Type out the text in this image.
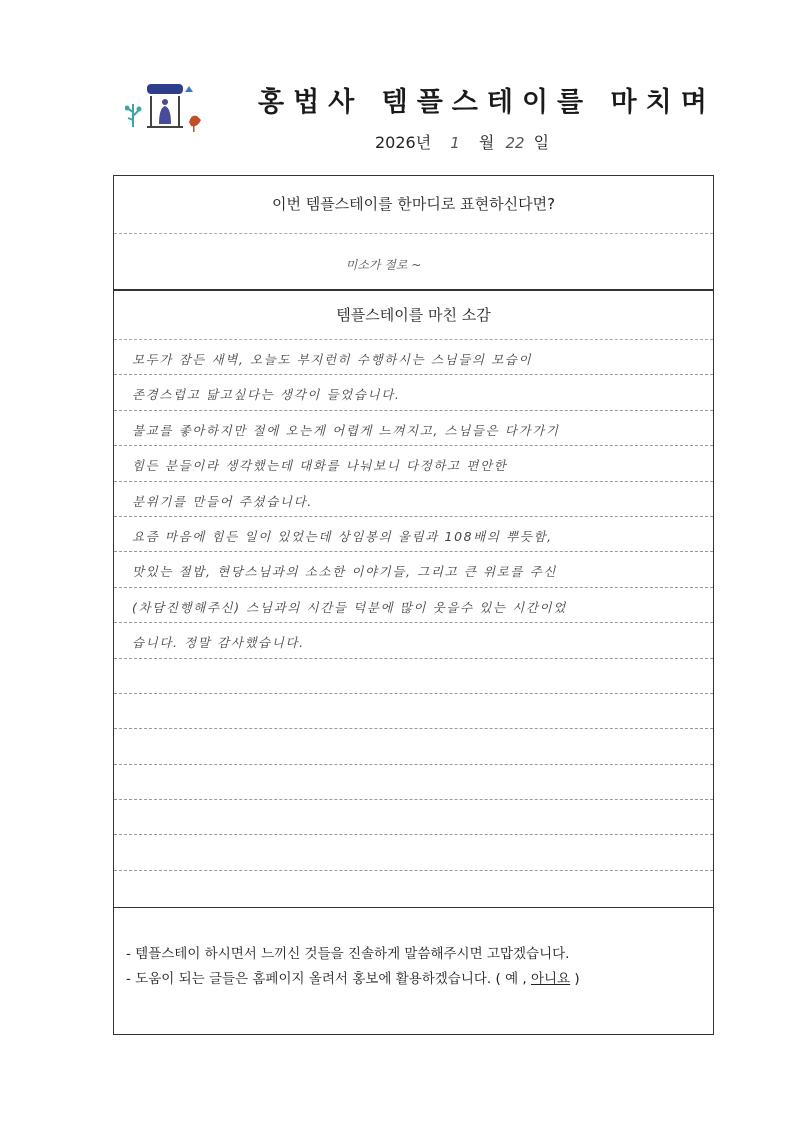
홍법사 템플스테이를 마치며
2026년 1 월 22 일
이번 템플스테이를 한마디로 표현하신다면?
미소가 절로 ~
템플스테이를 마친 소감
모두가 잠든 새벽, 오늘도 부지런히 수행하시는 스님들의 모습이
존경스럽고 닮고싶다는 생각이 들었습니다.
불교를 좋아하지만 절에 오는게 어렵게 느껴지고, 스님들은 다가가기
힘든 분들이라 생각했는데 대화를 나눠보니 다정하고 편안한
분위기를 만들어 주셨습니다.
요즘 마음에 힘든 일이 있었는데 상임봉의 울림과 108배의 뿌듯함,
맛있는 절밥, 현당스님과의 소소한 이야기들, 그리고 큰 위로를 주신
(차담진행해주신) 스님과의 시간들 덕분에 많이 웃을수 있는 시간이었
습니다. 정말 감사했습니다.
- 템플스테이 하시면서 느끼신 것들을 진솔하게 말씀해주시면 고맙겠습니다.
- 도움이 되는 글들은 홈페이지 올려서 홍보에 활용하겠습니다. ( 예 , 아니요 )
